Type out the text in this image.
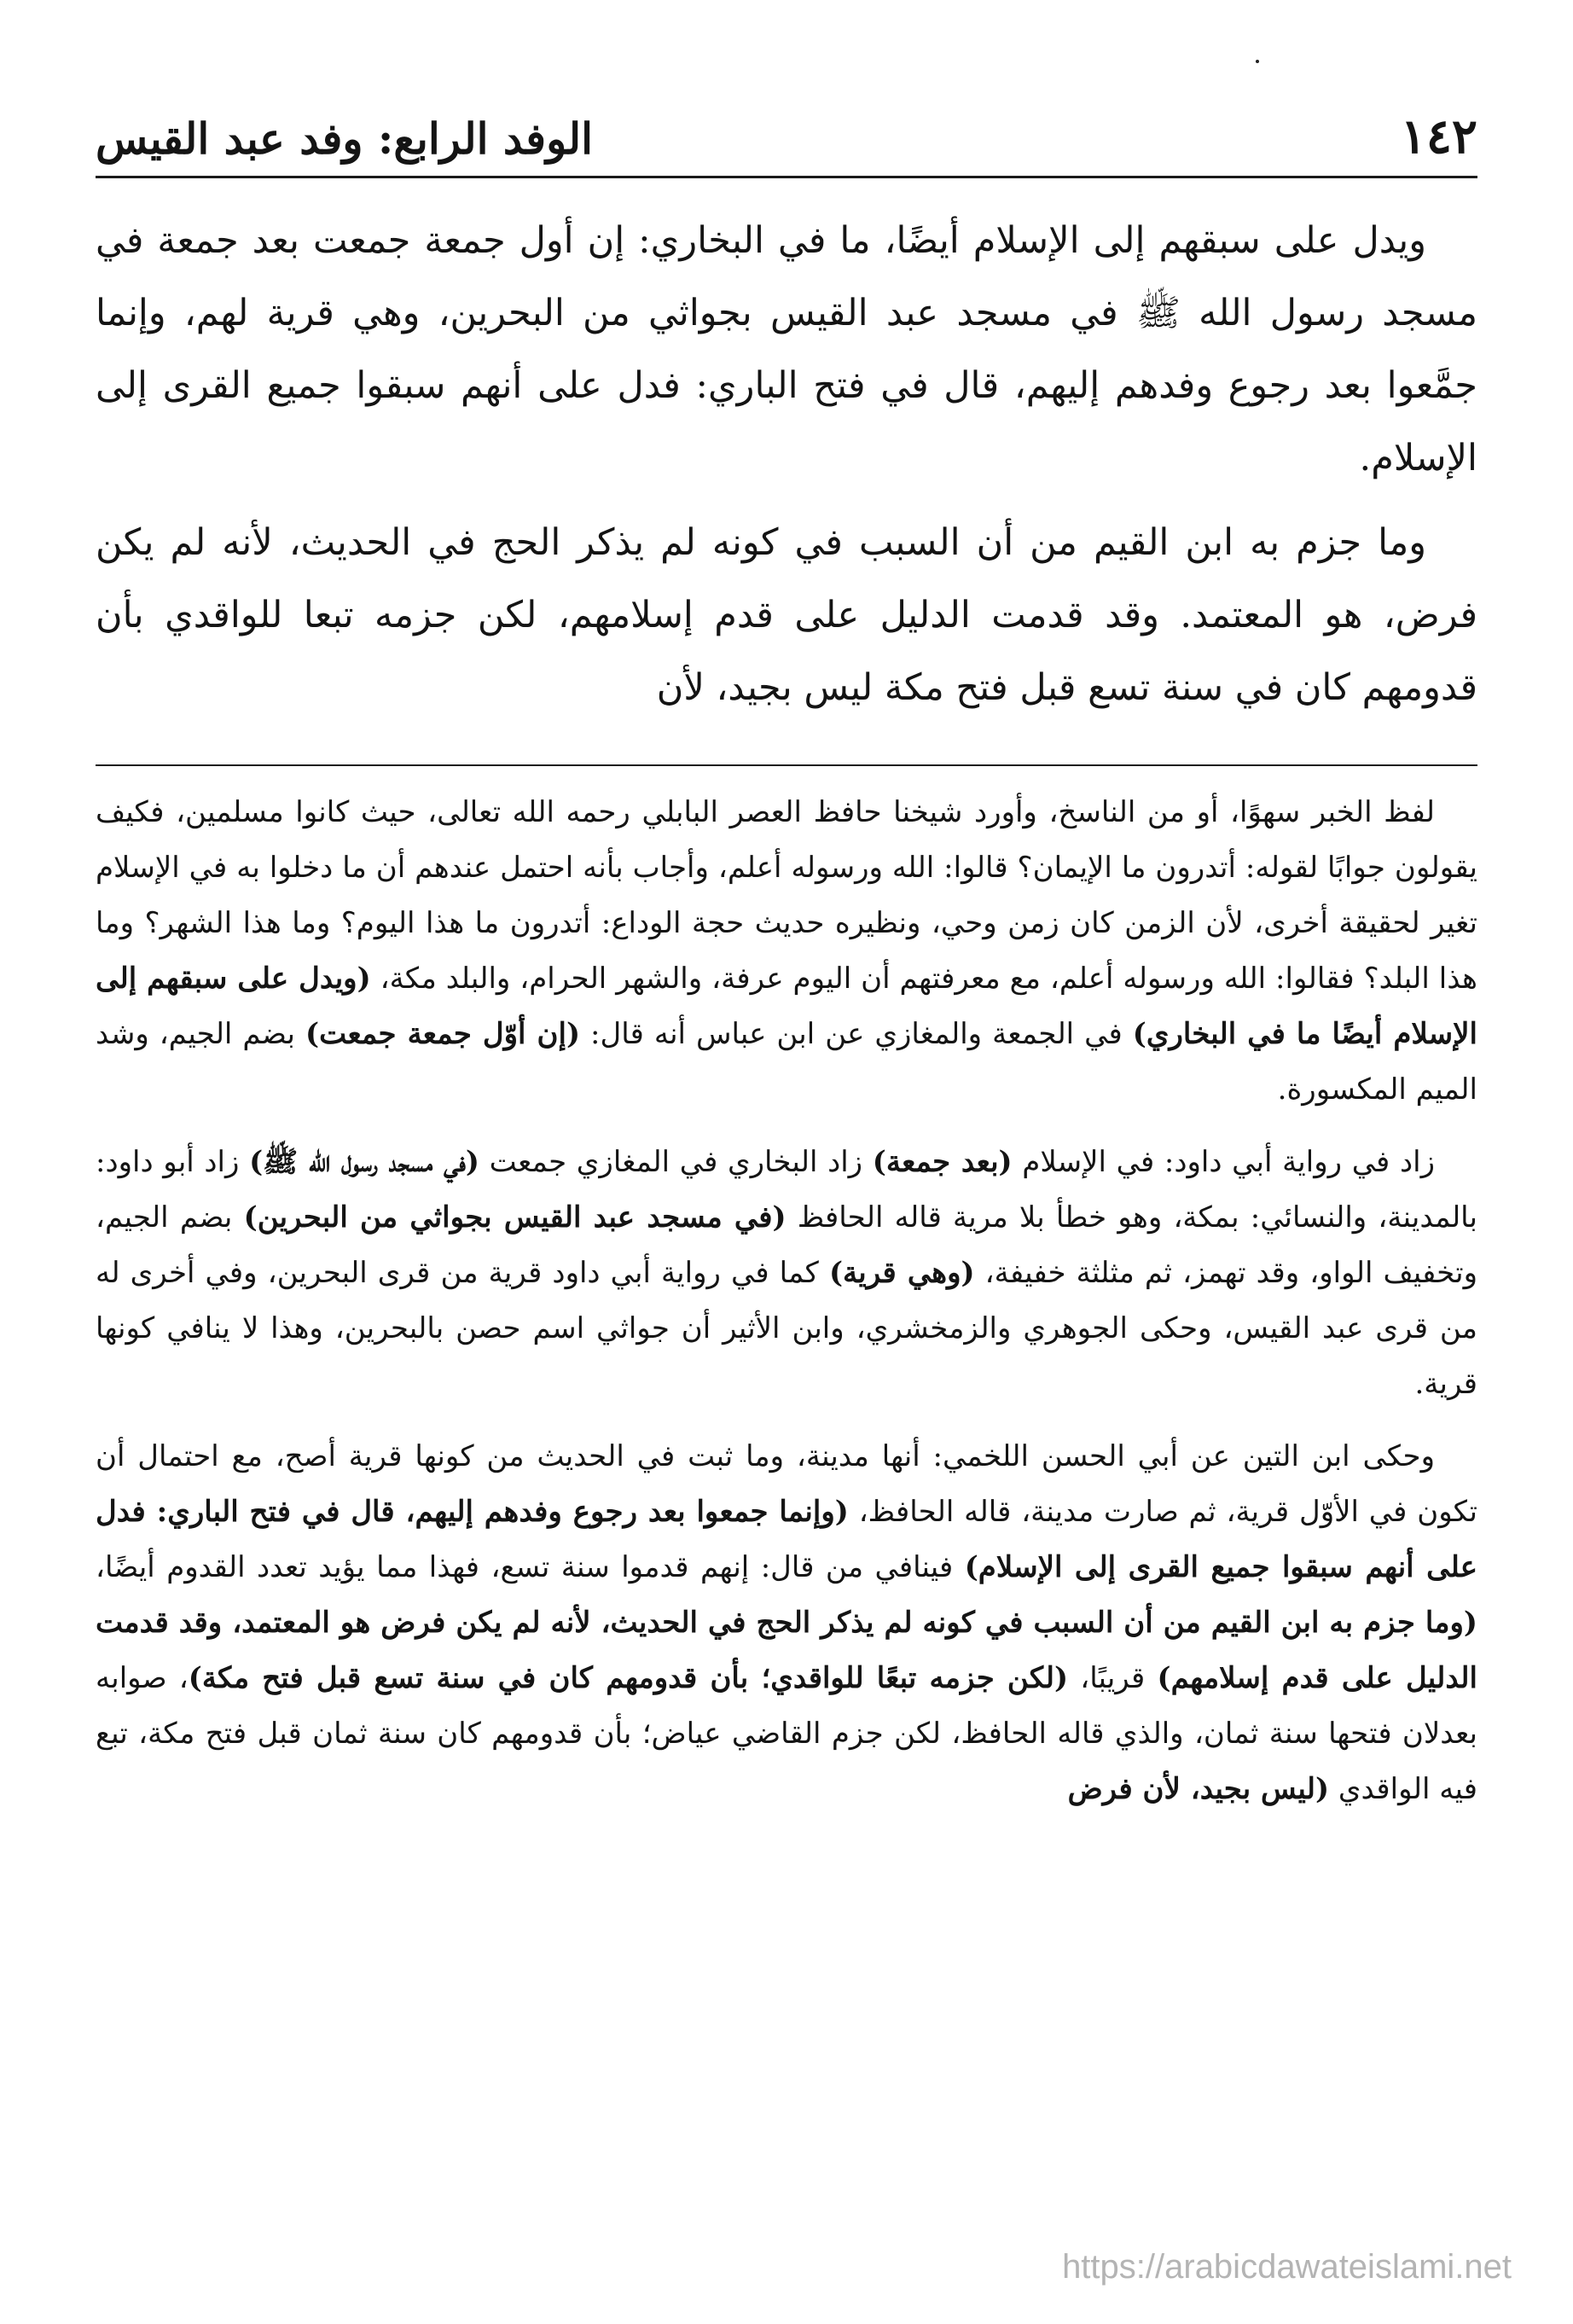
١٤٢
الوفد الرابع: وفد عبد القيس

ويدل على سبقهم إلى الإسلام أيضًا، ما في البخاري: إن أول جمعة جمعت بعد جمعة في مسجد رسول الله ﷺ في مسجد عبد القيس بجواثي من البحرين، وهي قرية لهم، وإنما جمَّعوا بعد رجوع وفدهم إليهم، قال في فتح الباري: فدل على أنهم سبقوا جميع القرى إلى الإسلام.

وما جزم به ابن القيم من أن السبب في كونه لم يذكر الحج في الحديث، لأنه لم يكن فرض، هو المعتمد. وقد قدمت الدليل على قدم إسلامهم، لكن جزمه تبعا للواقدي بأن قدومهم كان في سنة تسع قبل فتح مكة ليس بجيد، لأن

لفظ الخبر سهوًا، أو من الناسخ، وأورد شيخنا حافظ العصر البابلي رحمه الله تعالى، حيث كانوا مسلمين، فكيف يقولون جوابًا لقوله: أتدرون ما الإيمان؟ قالوا: الله ورسوله أعلم، وأجاب بأنه احتمل عندهم أن ما دخلوا به في الإسلام تغير لحقيقة أخرى، لأن الزمن كان زمن وحي، ونظيره حديث حجة الوداع: أتدرون ما هذا اليوم؟ وما هذا الشهر؟ وما هذا البلد؟ فقالوا: الله ورسوله أعلم، مع معرفتهم أن اليوم عرفة، والشهر الحرام، والبلد مكة، (ويدل على سبقهم إلى الإسلام أيضًا ما في البخاري) في الجمعة والمغازي عن ابن عباس أنه قال: (إن أوّل جمعة جمعت) بضم الجيم، وشد الميم المكسورة.

زاد في رواية أبي داود: في الإسلام (بعد جمعة) زاد البخاري في المغازي جمعت (في مسجد رسول الله ﷺ) زاد أبو داود: بالمدينة، والنسائي: بمكة، وهو خطأ بلا مرية قاله الحافظ (في مسجد عبد القيس بجواثي من البحرين) بضم الجيم، وتخفيف الواو، وقد تهمز، ثم مثلثة خفيفة، (وهي قرية) كما في رواية أبي داود قرية من قرى البحرين، وفي أخرى له من قرى عبد القيس، وحكى الجوهري والزمخشري، وابن الأثير أن جواثي اسم حصن بالبحرين، وهذا لا ينافي كونها قرية.

وحكى ابن التين عن أبي الحسن اللخمي: أنها مدينة، وما ثبت في الحديث من كونها قرية أصح، مع احتمال أن تكون في الأوّل قرية، ثم صارت مدينة، قاله الحافظ، (وإنما جمعوا بعد رجوع وفدهم إليهم، قال في فتح الباري: فدل على أنهم سبقوا جميع القرى إلى الإسلام) فينافي من قال: إنهم قدموا سنة تسع، فهذا مما يؤيد تعدد القدوم أيضًا، (وما جزم به ابن القيم من أن السبب في كونه لم يذكر الحج في الحديث، لأنه لم يكن فرض هو المعتمد، وقد قدمت الدليل على قدم إسلامهم) قريبًا، (لكن جزمه تبعًا للواقدي؛ بأن قدومهم كان في سنة تسع قبل فتح مكة)، صوابه بعدلان فتحها سنة ثمان، والذي قاله الحافظ، لكن جزم القاضي عياض؛ بأن قدومهم كان سنة ثمان قبل فتح مكة، تبع فيه الواقدي (ليس بجيد، لأن فرض

https://arabicdawateislami.net
